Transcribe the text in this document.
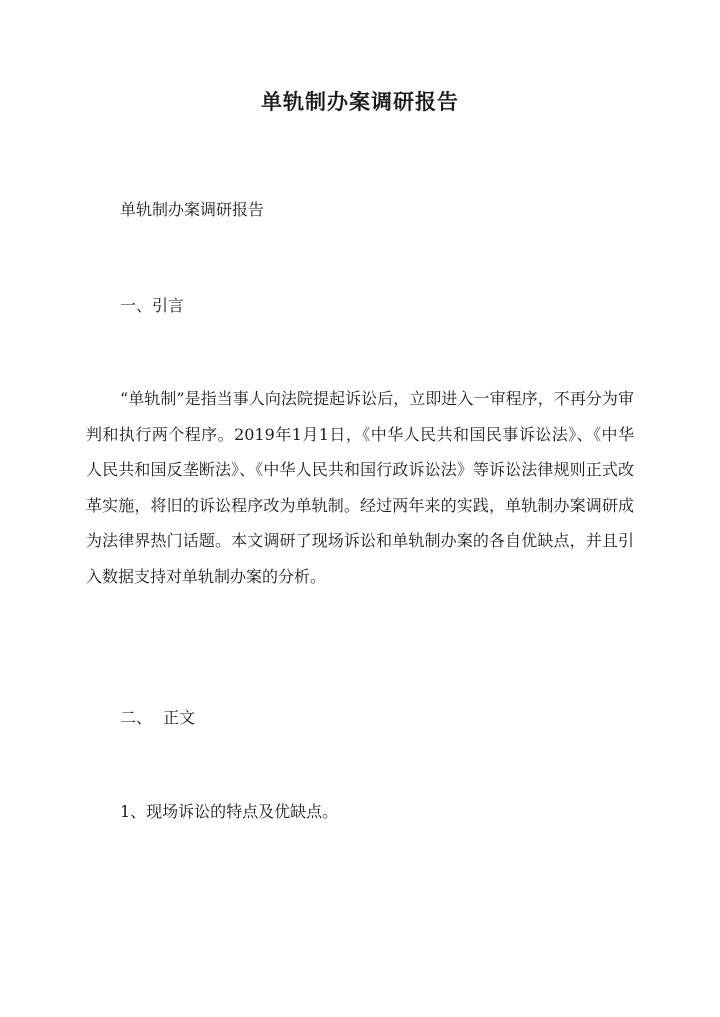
单轨制办案调研报告
单轨制办案调研报告
一、引言
“单轨制”是指当事人向法院提起诉讼后，立即进入一审程序，不再分为审判和执行两个程序。2019年1月1日，《中华人民共和国民事诉讼法》、《中华人民共和国反垄断法》、《中华人民共和国行政诉讼法》等诉讼法律规则正式改革实施，将旧的诉讼程序改为单轨制。经过两年来的实践，单轨制办案调研成为法律界热门话题。本文调研了现场诉讼和单轨制办案的各自优缺点，并且引入数据支持对单轨制办案的分析。
二、 正文
1、现场诉讼的特点及优缺点。
